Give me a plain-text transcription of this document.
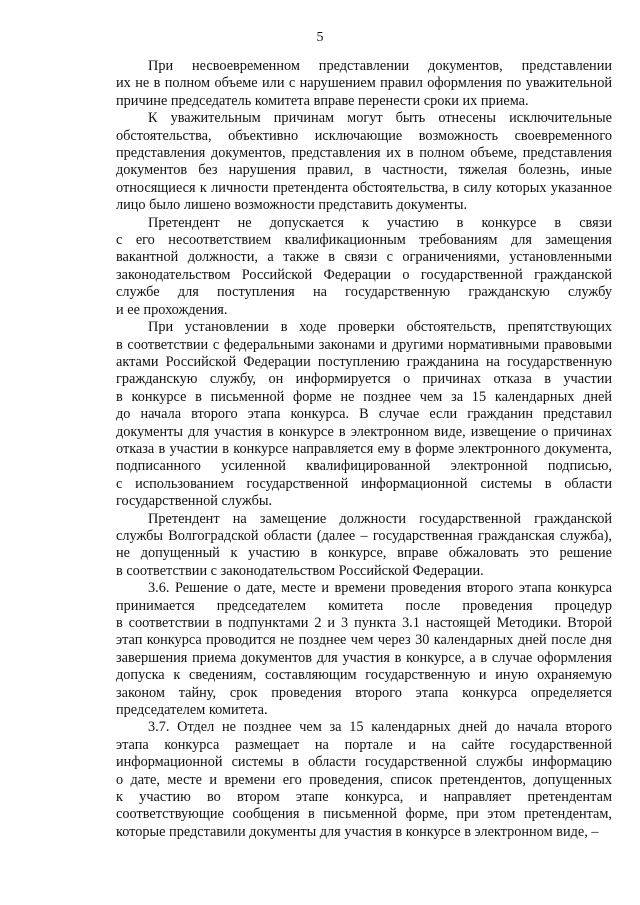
5

При несвоевременном представлении документов, представлении
их не в полном объеме или с нарушением правил оформления по уважительной
причине председатель комитета вправе перенести сроки их приема.

К уважительным причинам могут быть отнесены исключительные
обстоятельства, объективно исключающие возможность своевременного
представления документов, представления их в полном объеме, представления
документов без нарушения правил, в частности, тяжелая болезнь, иные
относящиеся к личности претендента обстоятельства, в силу которых указанное
лицо было лишено возможности представить документы.

Претендент не допускается к участию в конкурсе в связи
с его несоответствием квалификационным требованиям для замещения
вакантной должности, а также в связи с ограничениями, установленными
законодательством Российской Федерации о государственной гражданской
службе для поступления на государственную гражданскую службу
и ее прохождения.

При установлении в ходе проверки обстоятельств, препятствующих
в соответствии с федеральными законами и другими нормативными правовыми
актами Российской Федерации поступлению гражданина на государственную
гражданскую службу, он информируется о причинах отказа в участии
в конкурсе в письменной форме не позднее чем за 15 календарных дней
до начала второго этапа конкурса. В случае если гражданин представил
документы для участия в конкурсе в электронном виде, извещение о причинах
отказа в участии в конкурсе направляется ему в форме электронного документа,
подписанного усиленной квалифицированной электронной подписью,
с использованием государственной информационной системы в области
государственной службы.

Претендент на замещение должности государственной гражданской
службы Волгоградской области (далее – государственная гражданская служба),
не допущенный к участию в конкурсе, вправе обжаловать это решение
в соответствии с законодательством Российской Федерации.

3.6. Решение о дате, месте и времени проведения второго этапа конкурса
принимается председателем комитета после проведения процедур
в соответствии в подпунктами 2 и 3 пункта 3.1 настоящей Методики. Второй
этап конкурса проводится не позднее чем через 30 календарных дней после дня
завершения приема документов для участия в конкурсе, а в случае оформления
допуска к сведениям, составляющим государственную и иную охраняемую
законом тайну, срок проведения второго этапа конкурса определяется
председателем комитета.

3.7. Отдел не позднее чем за 15 календарных дней до начала второго
этапа конкурса размещает на портале и на сайте государственной
информационной системы в области государственной службы информацию
о дате, месте и времени его проведения, список претендентов, допущенных
к участию во втором этапе конкурса, и направляет претендентам
соответствующие сообщения в письменной форме, при этом претендентам,
которые представили документы для участия в конкурсе в электронном виде, –
